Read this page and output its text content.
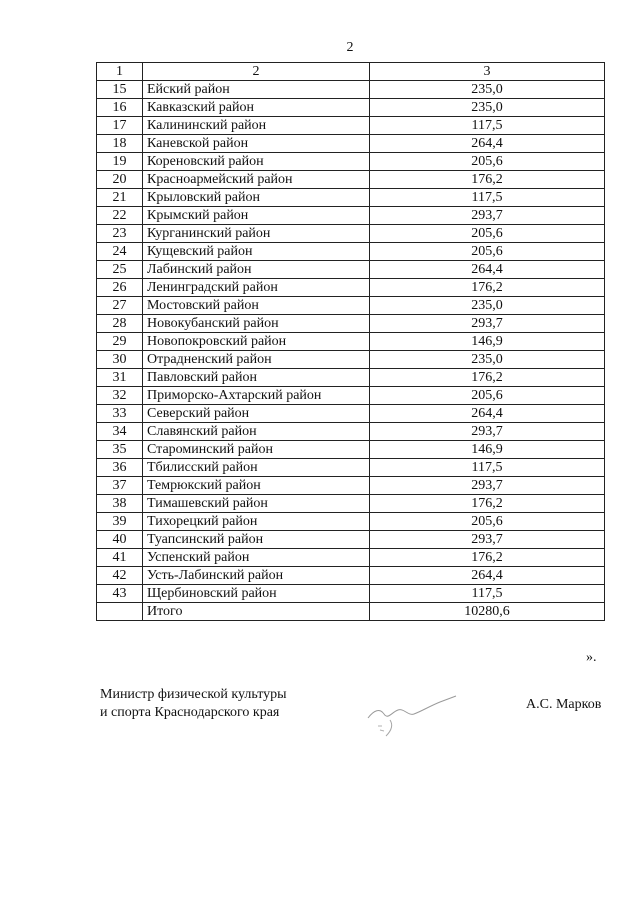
2
1	2	3
15	Ейский район	235,0
16	Кавказский район	235,0
17	Калининский район	117,5
18	Каневской район	264,4
19	Кореновский район	205,6
20	Красноармейский район	176,2
21	Крыловский район	117,5
22	Крымский район	293,7
23	Курганинский район	205,6
24	Кущевский район	205,6
25	Лабинский район	264,4
26	Ленинградский район	176,2
27	Мостовский район	235,0
28	Новокубанский район	293,7
29	Новопокровский район	146,9
30	Отрадненский район	235,0
31	Павловский район	176,2
32	Приморско-Ахтарский район	205,6
33	Северский район	264,4
34	Славянский район	293,7
35	Староминский район	146,9
36	Тбилисский район	117,5
37	Темрюкский район	293,7
38	Тимашевский район	176,2
39	Тихорецкий район	205,6
40	Туапсинский район	293,7
41	Успенский район	176,2
42	Усть-Лабинский район	264,4
43	Щербиновский район	117,5
	Итого	10280,6
».
Министр физической культуры
и спорта Краснодарского края
А.С. Марков
